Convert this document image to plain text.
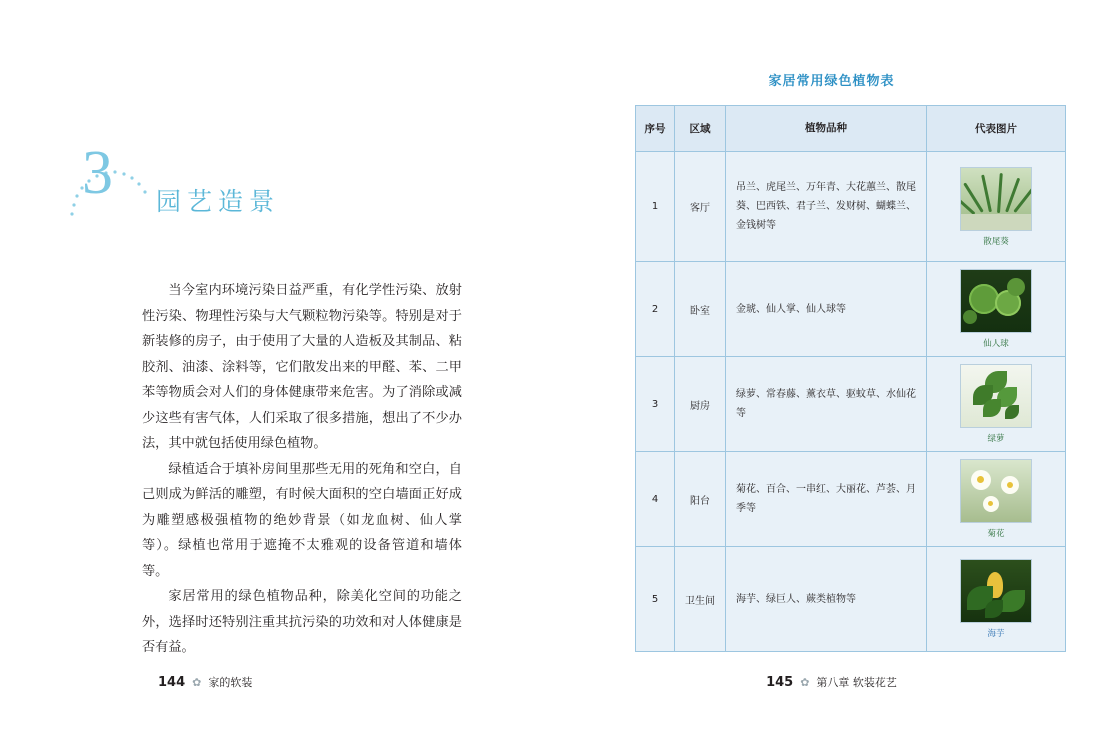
3 园艺造景

当今室内环境污染日益严重，有化学性污染、放射性污染、物理性污染与大气颗粒物污染等。特别是对于新装修的房子，由于使用了大量的人造板及其制品、粘胶剂、油漆、涂料等，它们散发出来的甲醛、苯、二甲苯等物质会对人们的身体健康带来危害。为了消除或减少这些有害气体，人们采取了很多措施，想出了不少办法，其中就包括使用绿色植物。

绿植适合于填补房间里那些无用的死角和空白，自己则成为鲜活的雕塑，有时候大面积的空白墙面正好成为雕塑感极强植物的绝妙背景（如龙血树、仙人掌等）。绿植也常用于遮掩不太雅观的设备管道和墙体等。

家居常用的绿色植物品种，除美化空间的功能之外，选择时还特别注重其抗污染的功效和对人体健康是否有益。

144 ✿ 家的软装
家居常用绿色植物表
序号	区域	植物品种	代表图片
1	客厅	吊兰、虎尾兰、万年青、大花蕙兰、散尾葵、巴西铁、君子兰、发财树、蝴蝶兰、金钱树等	散尾葵

2	卧室	金琥、仙人掌、仙人球等	仙人球

3	厨房	绿萝、常春藤、薰衣草、驱蚊草、水仙花等	绿萝

4	阳台	菊花、百合、一串红、大丽花、芦荟、月季等	菊花

5	卫生间	海芋、绿巨人、蕨类植物等	海芋
145 ✿ 第八章 软装花艺
